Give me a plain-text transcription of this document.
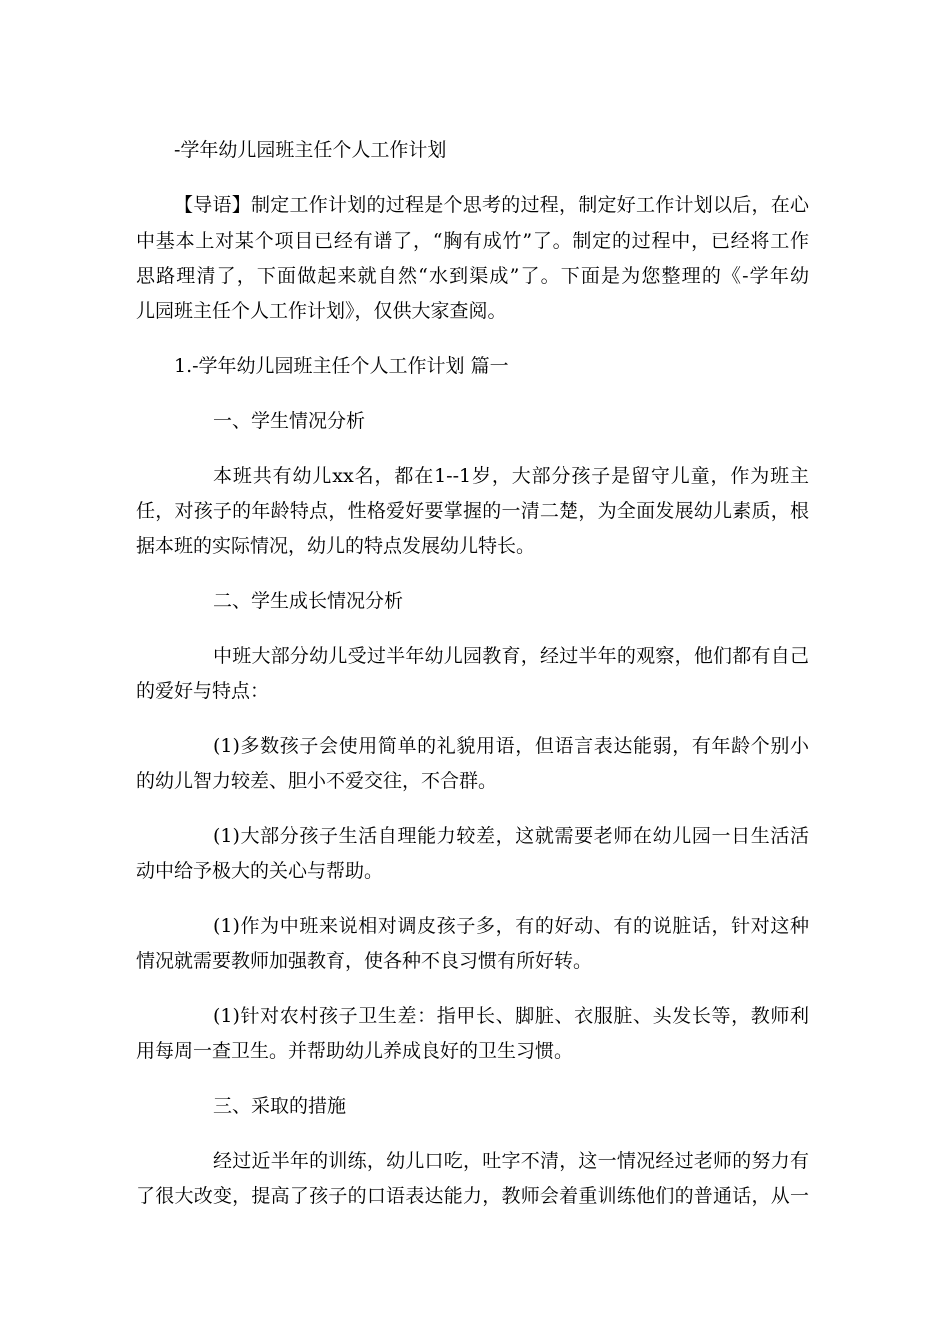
-学年幼儿园班主任个人工作计划
【导语】制定工作计划的过程是个思考的过程，制定好工作计划以后，在心
中基本上对某个项目已经有谱了，“胸有成竹”了。制定的过程中，已经将工作
思路理清了，下面做起来就自然“水到渠成”了。下面是为您整理的《-学年幼
儿园班主任个人工作计划》，仅供大家查阅。
1.-学年幼儿园班主任个人工作计划 篇一
一、学生情况分析
本班共有幼儿xx名，都在1--1岁，大部分孩子是留守儿童，作为班主
任，对孩子的年龄特点，性格爱好要掌握的一清二楚，为全面发展幼儿素质，根
据本班的实际情况，幼儿的特点发展幼儿特长。
二、学生成长情况分析
中班大部分幼儿受过半年幼儿园教育，经过半年的观察，他们都有自己
的爱好与特点：
(1)多数孩子会使用简单的礼貌用语，但语言表达能弱，有年龄个别小
的幼儿智力较差、胆小不爱交往，不合群。
(1)大部分孩子生活自理能力较差，这就需要老师在幼儿园一日生活活
动中给予极大的关心与帮助。
(1)作为中班来说相对调皮孩子多，有的好动、有的说脏话，针对这种
情况就需要教师加强教育，使各种不良习惯有所好转。
(1)针对农村孩子卫生差：指甲长、脚脏、衣服脏、头发长等，教师利
用每周一查卫生。并帮助幼儿养成良好的卫生习惯。
三、采取的措施
经过近半年的训练，幼儿口吃，吐字不清，这一情况经过老师的努力有
了很大改变，提高了孩子的口语表达能力，教师会着重训练他们的普通话，从一
